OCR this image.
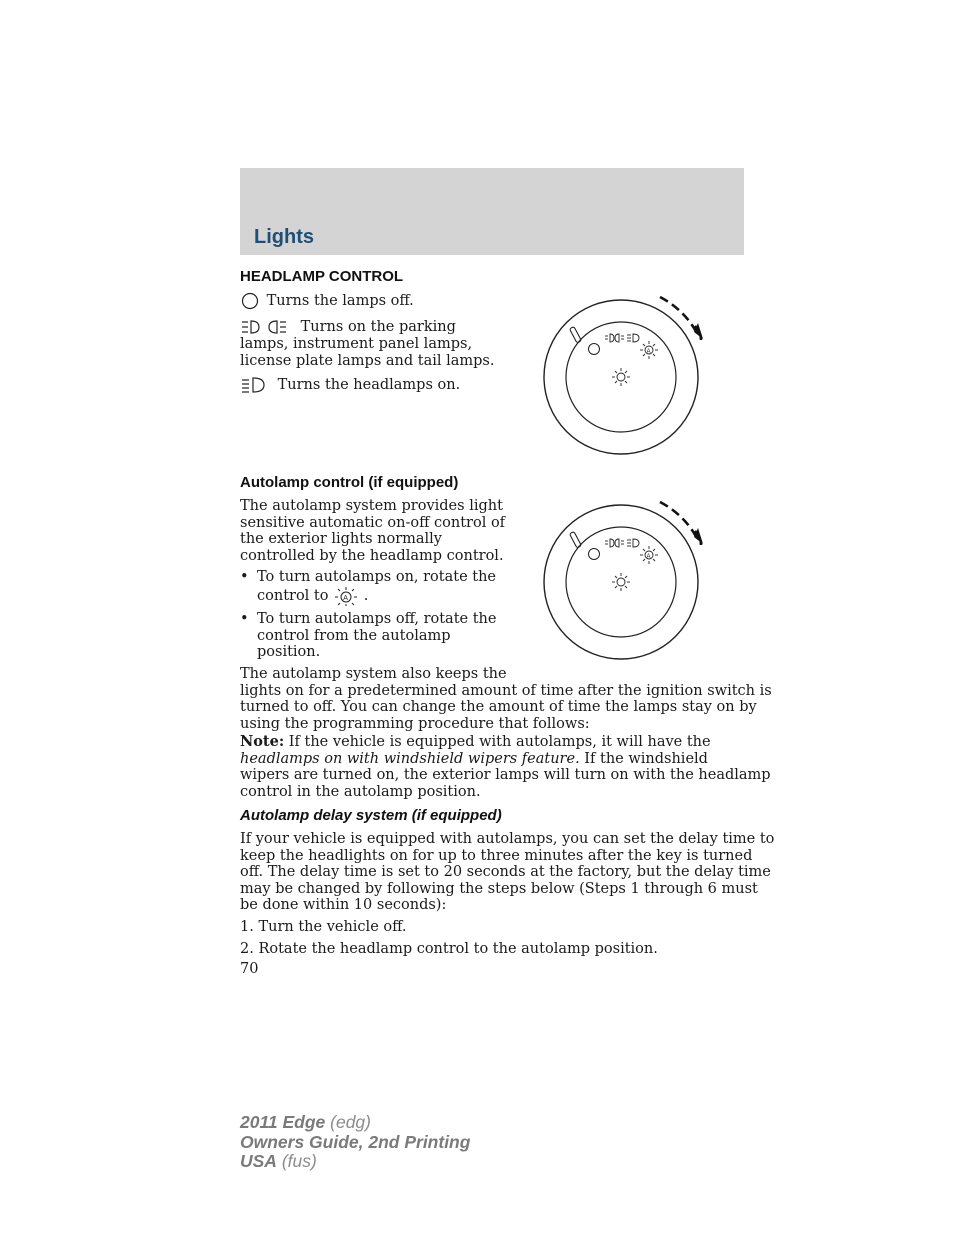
Lights
HEADLAMP CONTROL
Turns the lamps off.
Turns on the parking
lamps, instrument panel lamps,
license plate lamps and tail lamps.
Turns the headlamps on.
A
Autolamp control (if equipped)
The autolamp system provides light
sensitive automatic on-off control of
the exterior lights normally
controlled by the headlamp control.
• To turn autolamps on, rotate the
control to A .
• To turn autolamps off, rotate the
control from the autolamp
position.
A
The autolamp system also keeps the
lights on for a predetermined amount of time after the ignition switch is
turned to off. You can change the amount of time the lamps stay on by
using the programming procedure that follows:
Note: If the vehicle is equipped with autolamps, it will have the
headlamps on with windshield wipers feature. If the windshield
wipers are turned on, the exterior lamps will turn on with the headlamp
control in the autolamp position.
Autolamp delay system (if equipped)
If your vehicle is equipped with autolamps, you can set the delay time to
keep the headlights on for up to three minutes after the key is turned
off. The delay time is set to 20 seconds at the factory, but the delay time
may be changed by following the steps below (Steps 1 through 6 must
be done within 10 seconds):
1. Turn the vehicle off.
2. Rotate the headlamp control to the autolamp position.
70
2011 Edge (edg)
Owners Guide, 2nd Printing
USA (fus)
